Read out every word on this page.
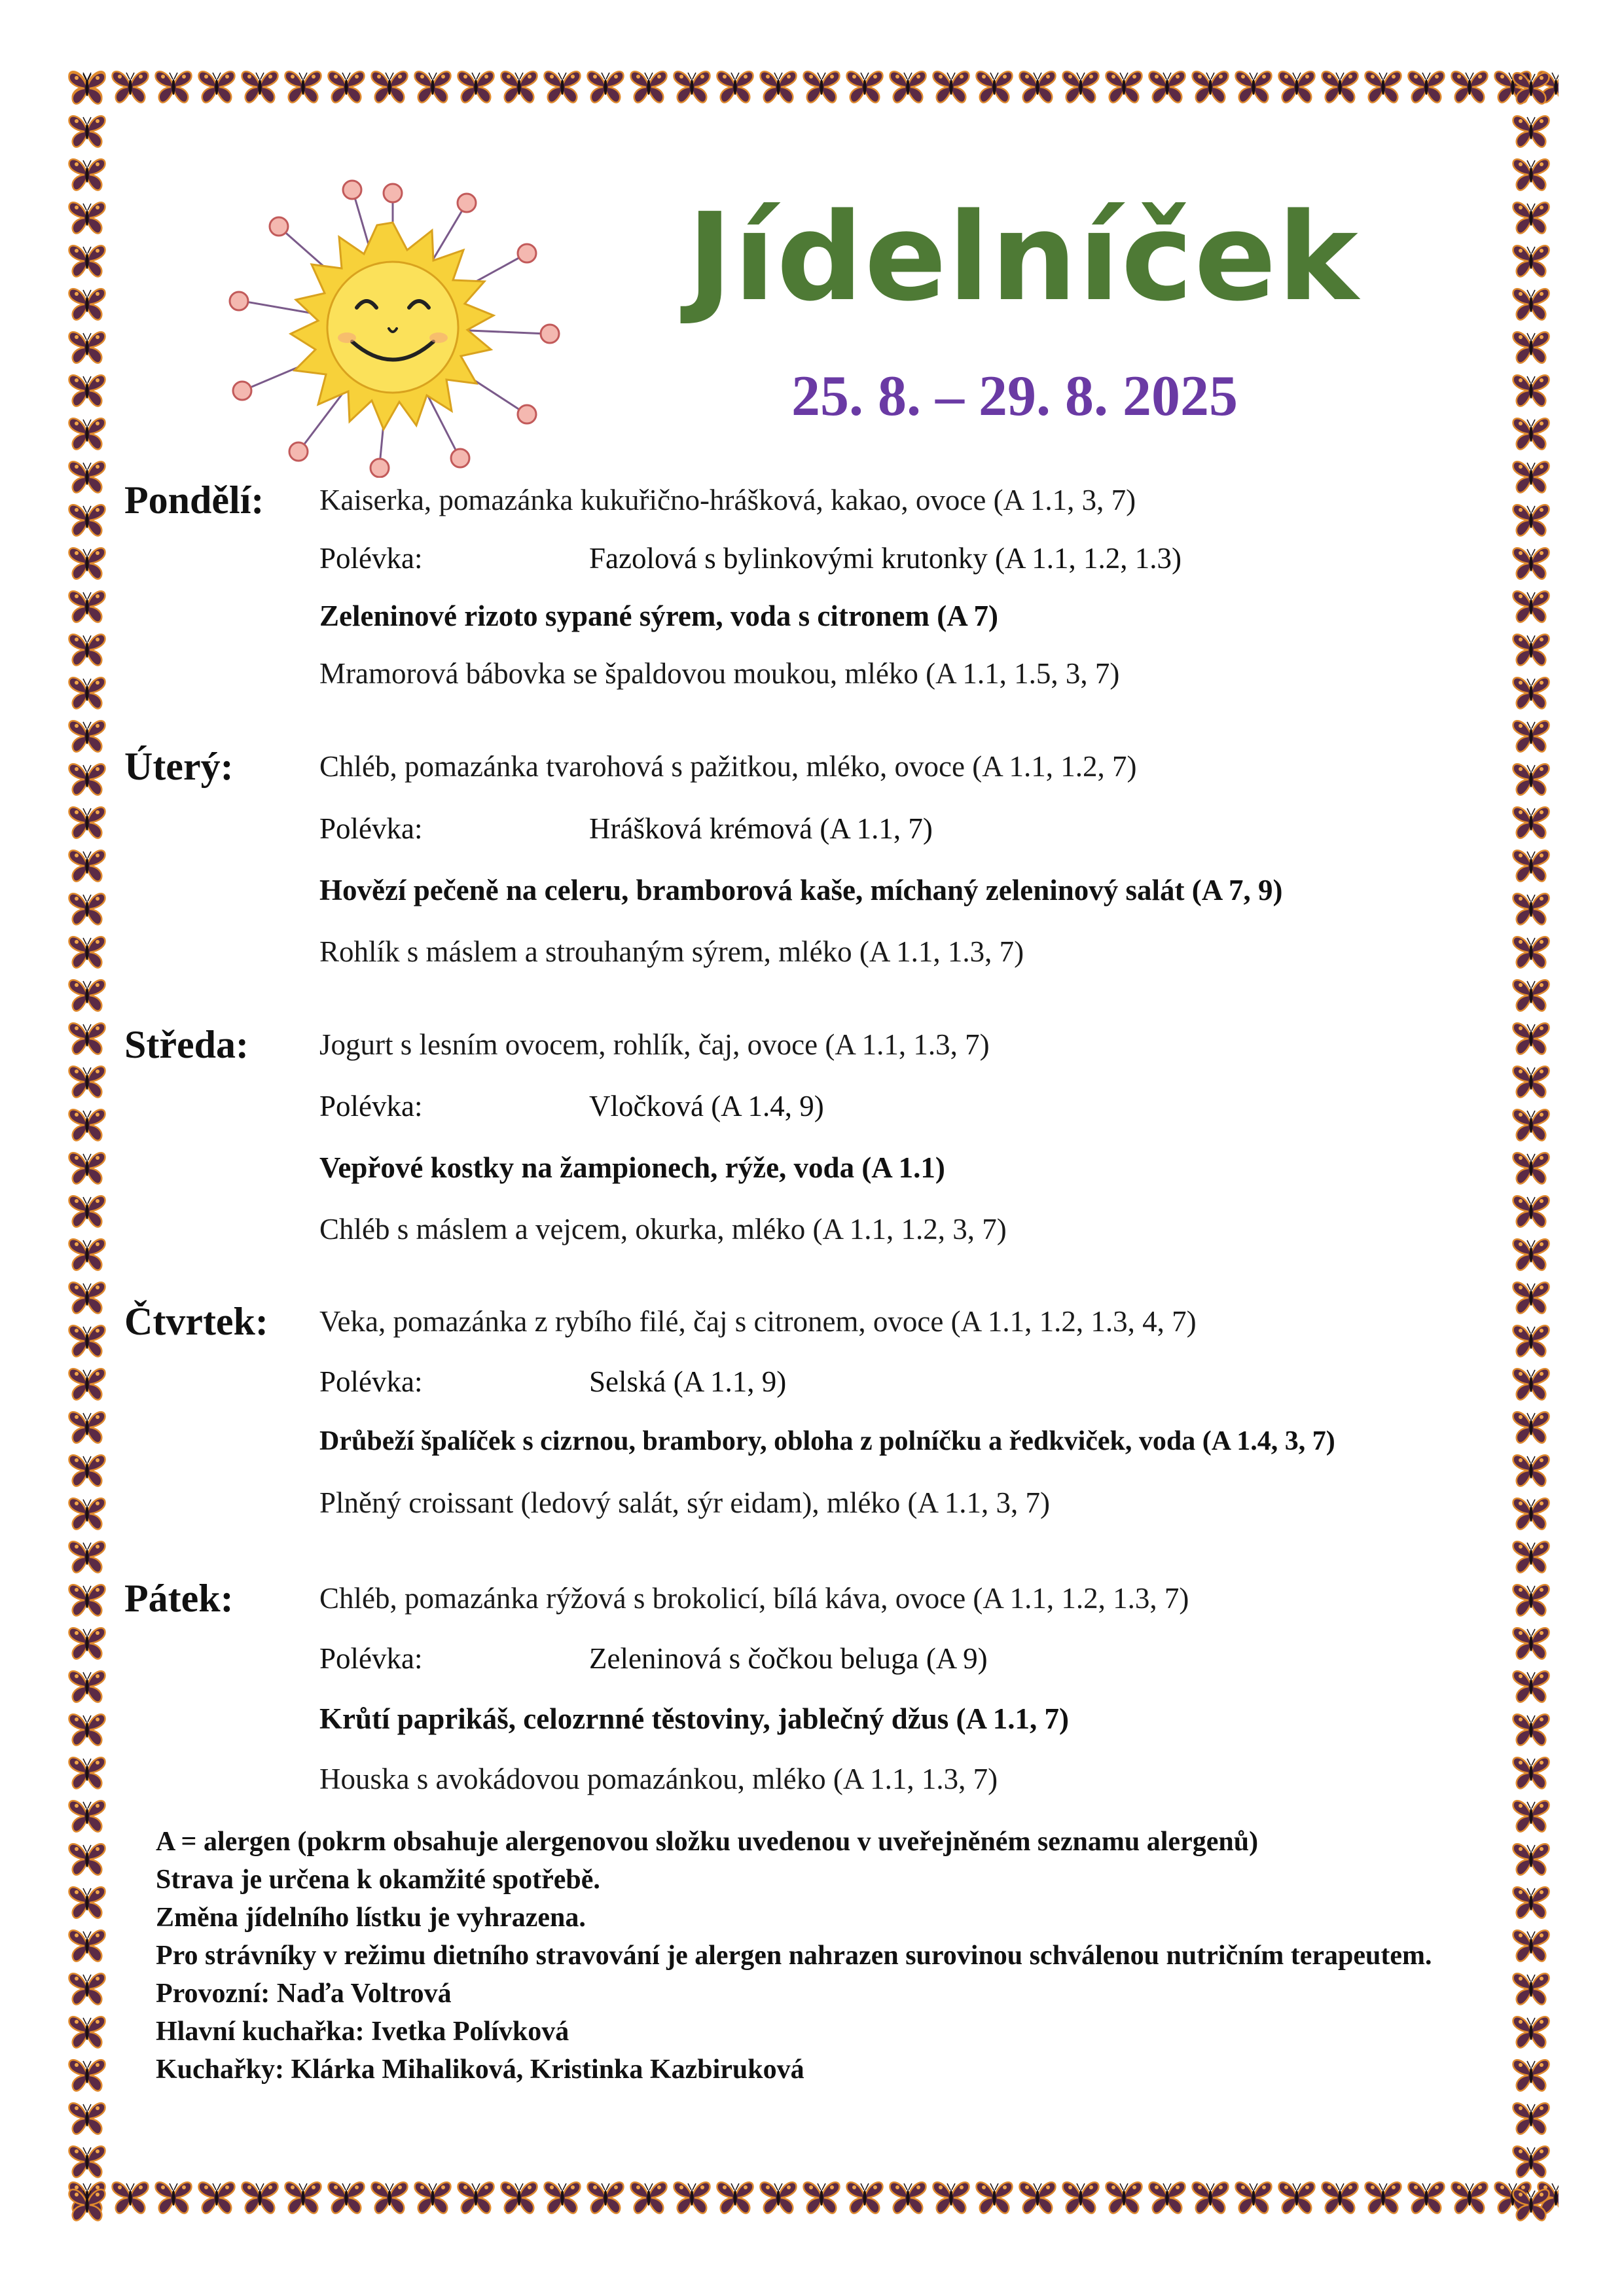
Jídelníček
25. 8. – 29. 8. 2025
Pondělí: Kaiserka, pomazánka kukuřično-hrášková, kakao, ovoce (A 1.1, 3, 7)
Polévka:	Fazolová s bylinkovými krutonky (A 1.1, 1.2, 1.3)
Zeleninové rizoto sypané sýrem, voda s citronem (A 7)
Mramorová bábovka se špaldovou moukou, mléko (A 1.1, 1.5, 3, 7)
Úterý:	Chléb, pomazánka tvarohová s pažitkou, mléko, ovoce (A 1.1, 1.2, 7)
Polévka:	Hrášková krémová (A 1.1, 7)
Hovězí pečeně na celeru, bramborová kaše, míchaný zeleninový salát (A 7, 9)
Rohlík s máslem a strouhaným sýrem, mléko (A 1.1, 1.3, 7)
Středa: Jogurt s lesním ovocem, rohlík, čaj, ovoce (A 1.1, 1.3, 7)
Polévka:	Vločková (A 1.4, 9)
Vepřové kostky na žampionech, rýže, voda (A 1.1)
Chléb s máslem a vejcem, okurka, mléko (A 1.1, 1.2, 3, 7)
Čtvrtek: Veka, pomazánka z rybího filé, čaj s citronem, ovoce (A 1.1, 1.2, 1.3, 4, 7)
Polévka:	Selská (A 1.1, 9)
Drůbeží špalíček s cizrnou, brambory, obloha z polníčku a ředkviček, voda (A 1.4, 3, 7)
Plněný croissant (ledový salát, sýr eidam), mléko (A 1.1, 3, 7)
Pátek:	Chléb, pomazánka rýžová s brokolicí, bílá káva, ovoce (A 1.1, 1.2, 1.3, 7)
Polévka:	Zeleninová s čočkou beluga (A 9)
Krůtí paprikáš, celozrnné těstoviny, jablečný džus (A 1.1, 7)
Houska s avokádovou pomazánkou, mléko (A 1.1, 1.3, 7)
A = alergen (pokrm obsahuje alergenovou složku uvedenou v uveřejněném seznamu alergenů)
Strava je určena k okamžité spotřebě.
Změna jídelního lístku je vyhrazena.
Pro strávníky v režimu dietního stravování je alergen nahrazen surovinou schválenou nutričním terapeutem.
Provozní: Naďa Voltrová
Hlavní kuchařka: Ivetka Polívková
Kuchařky: Klárka Mihaliková, Kristinka Kazbiruková
